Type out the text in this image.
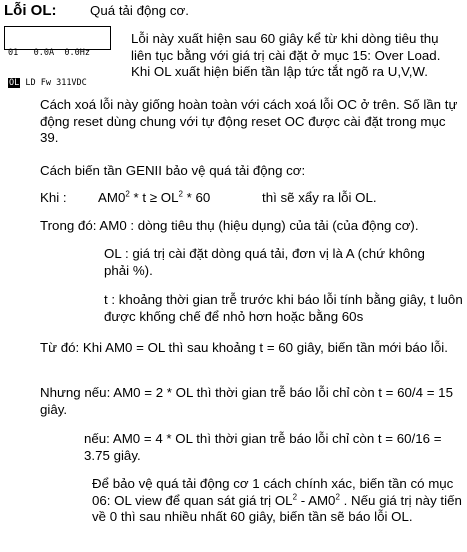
Lỗi OL:	Quá tải động cơ.

01 0.0A 0.0Hz

OL LD Fw 311VDC

Lỗi này xuất hiện sau 60 giây kể từ khi dòng tiêu thụ liên tục bằng với giá trị cài đặt ở mục 15: Over Load. Khi OL xuất hiện biến tần lập tức tắt ngõ ra U,V,W.
Cách xoá lỗi này giống hoàn toàn với cách xoá lỗi OC ở trên. Số lần tự động reset dùng chung với tự động reset OC được cài đặt trong mục 39.
Cách biến tần GENII bảo vệ quá tải động cơ:
Khi : $AM0^2 * t \ge OL^2 * 60$	thì sẽ xẩy ra lỗi OL.
Trong đó: AM0 : dòng tiêu thụ (hiệu dụng) của tải (của động cơ).
OL : giá trị cài đặt dòng quá tải, đơn vị là A (chứ không phải %).
t : khoảng thời gian trễ trước khi báo lỗi tính bằng giây, t luôn được khống chế để nhỏ hơn hoặc bằng 60s
Từ đó: Khi AM0 = OL thì sau khoảng t = 60 giây, biến tần mới báo lỗi.
Nhưng nếu: AM0 = 2 * OL thì thời gian trễ báo lỗi chỉ còn t = 60/4 = 15 giây.
nếu: AM0 = 4 * OL thì thời gian trễ báo lỗi chỉ còn t = 60/16 = 3.75 giây.
Để bảo vệ quá tải động cơ 1 cách chính xác, biến tần có mục 06: OL view để quan sát giá trị $OL^2 - AM0^2$ . Nếu giá trị này tiến về 0 thì sau nhiều nhất 60 giây, biến tần sẽ báo lỗi OL.
